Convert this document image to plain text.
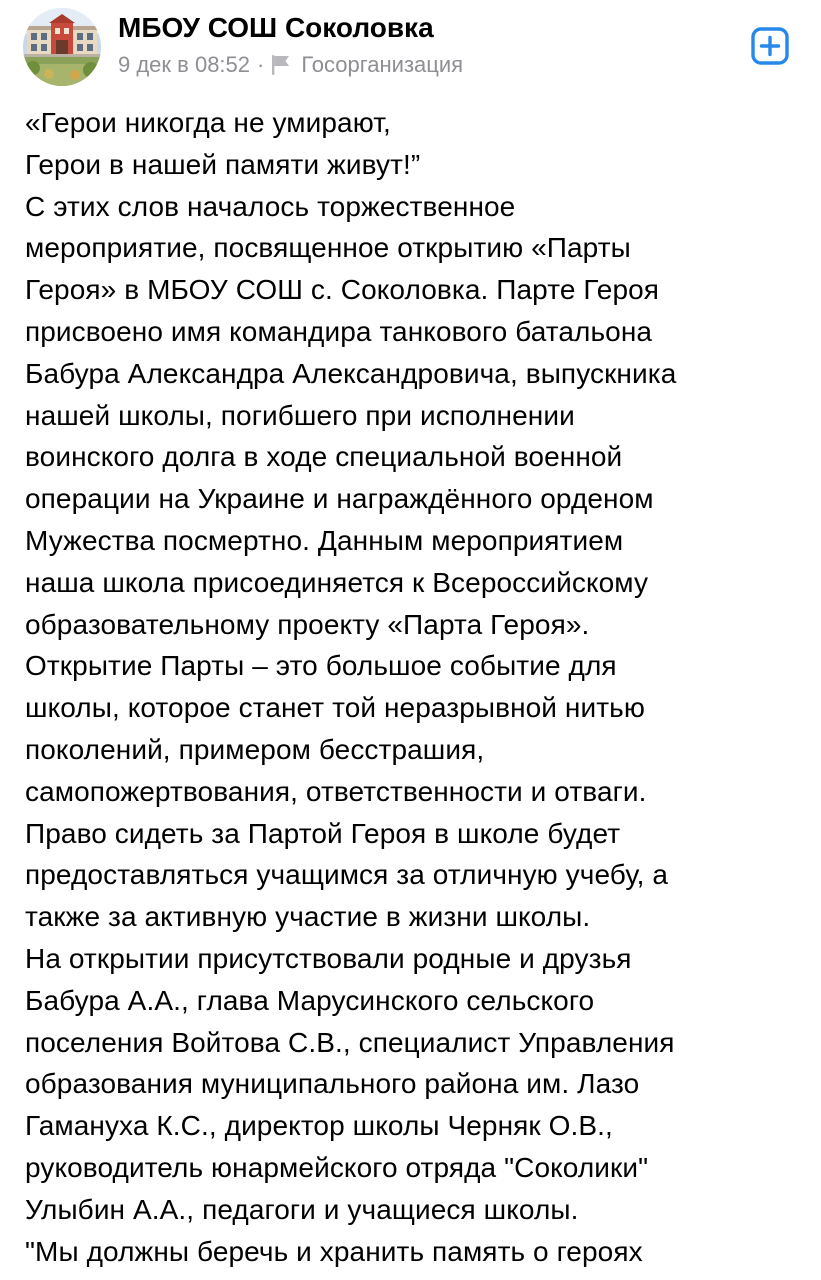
МБОУ СОШ Соколовка
9 дек в 08:52 · Госорганизация
«Герои никогда не умирают,
Герои в нашей памяти живут!”
С этих слов началось торжественное
мероприятие, посвященное открытию «Парты
Героя» в МБОУ СОШ с. Соколовка. Парте Героя
присвоено имя командира танкового батальона
Бабура Александра Александровича, выпускника
нашей школы, погибшего при исполнении
воинского долга в ходе специальной военной
операции на Украине и награждённого орденом
Мужества посмертно. Данным мероприятием
наша школа присоединяется к Всероссийскому
образовательному проекту «Парта Героя».
Открытие Парты – это большое событие для
школы, которое станет той неразрывной нитью
поколений, примером бесстрашия,
самопожертвования, ответственности и отваги.
Право сидеть за Партой Героя в школе будет
предоставляться учащимся за отличную учебу, а
также за активную участие в жизни школы.
На открытии присутствовали родные и друзья
Бабура А.А., глава Марусинского сельского
поселения Войтова С.В., специалист Управления
образования муниципального района им. Лазо
Гаманyха К.С., директор школы Черняк О.В.,
руководитель юнармейского отряда "Соколики"
Улыбин А.А., педагоги и учащиеся школы.
"Мы должны беречь и хранить память о героях
